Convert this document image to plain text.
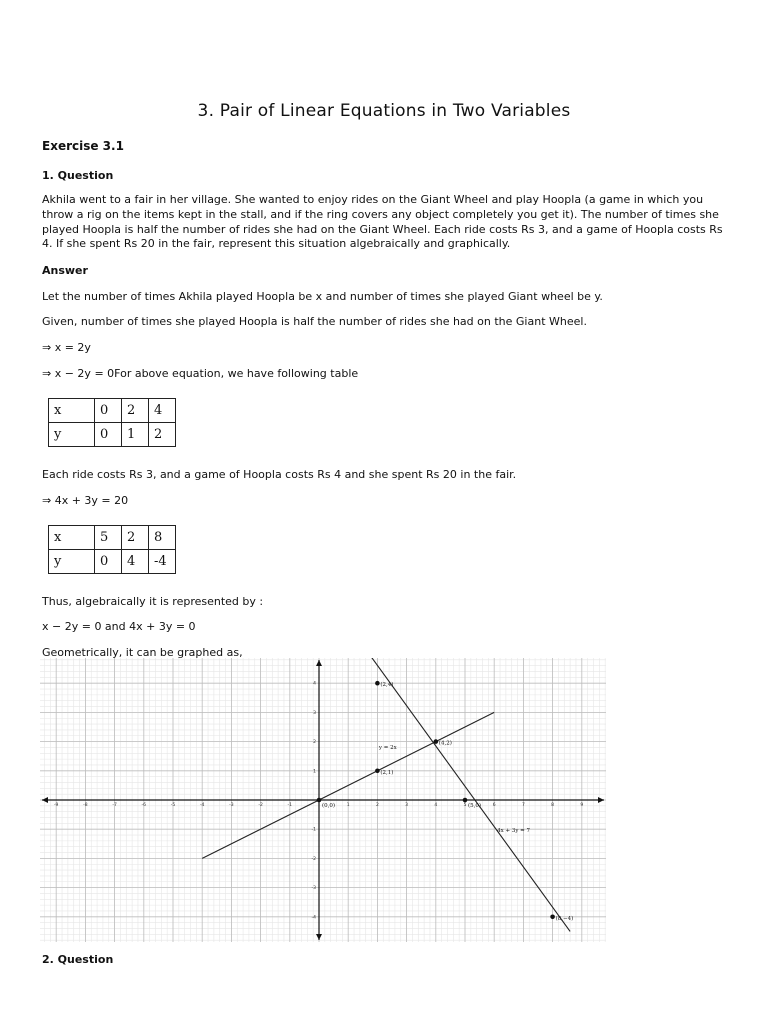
3. Pair of Linear Equations in Two Variables
Exercise 3.1
1. Question
Akhila went to a fair in her village. She wanted to enjoy rides on the Giant Wheel and play Hoopla (a game in which you throw a rig on the items kept in the stall, and if the ring covers any object completely you get it). The number of times she played Hoopla is half the number of rides she had on the Giant Wheel. Each ride costs Rs 3, and a game of Hoopla costs Rs 4. If she spent Rs 20 in the fair, represent this situation algebraically and graphically.
Answer
Let the number of times Akhila played Hoopla be x and number of times she played Giant wheel be y.
Given, number of times she played Hoopla is half the number of rides she had on the Giant Wheel.
⇒ x = 2y
⇒ x − 2y = 0For above equation, we have following table
x	0	2	4
y	0	1	2
Each ride costs Rs 3, and a game of Hoopla costs Rs 4 and she spent Rs 20 in the fair.
⇒ 4x + 3y = 20
x	5	2	8
y	0	4	-4
Thus, algebraically it is represented by :
x − 2y = 0 and 4x + 3y = 0
Geometrically, it can be graphed as,
-9	-8	-7	-6	-5	-4	-3	-2	-1	1	2	3	4	5	6	7	8	9
4
3
2
1
-1
-2
-3
-4
(2,4)
(4,2)
(2,1)
(0,0)	(5,0)
(8,−4)
y = 2x
4x + 3y = 7
2. Question
